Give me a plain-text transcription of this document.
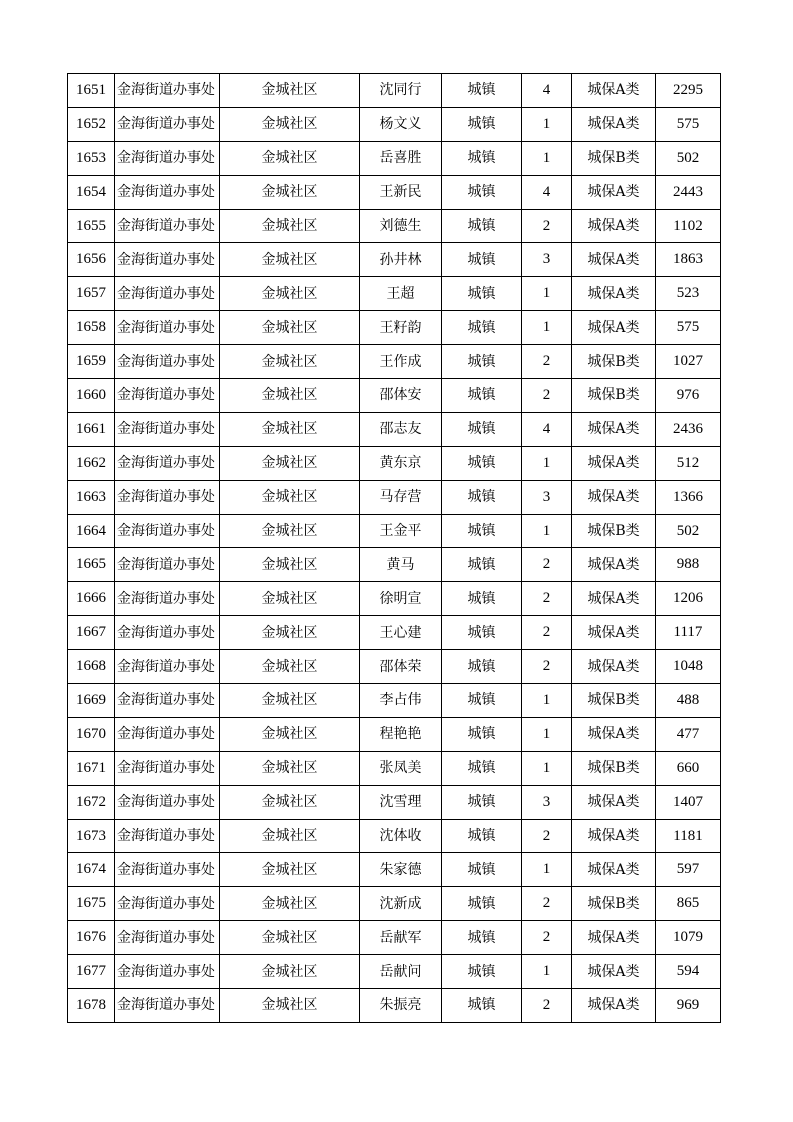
1651	金海街道办事处	金城社区	沈同行	城镇	4	城保A类	2295
1652	金海街道办事处	金城社区	杨文义	城镇	1	城保A类	575
1653	金海街道办事处	金城社区	岳喜胜	城镇	1	城保B类	502
1654	金海街道办事处	金城社区	王新民	城镇	4	城保A类	2443
1655	金海街道办事处	金城社区	刘德生	城镇	2	城保A类	1102
1656	金海街道办事处	金城社区	孙井林	城镇	3	城保A类	1863
1657	金海街道办事处	金城社区	王超	城镇	1	城保A类	523
1658	金海街道办事处	金城社区	王籽韵	城镇	1	城保A类	575
1659	金海街道办事处	金城社区	王作成	城镇	2	城保B类	1027
1660	金海街道办事处	金城社区	邵体安	城镇	2	城保B类	976
1661	金海街道办事处	金城社区	邵志友	城镇	4	城保A类	2436
1662	金海街道办事处	金城社区	黄东京	城镇	1	城保A类	512
1663	金海街道办事处	金城社区	马存营	城镇	3	城保A类	1366
1664	金海街道办事处	金城社区	王金平	城镇	1	城保B类	502
1665	金海街道办事处	金城社区	黄马	城镇	2	城保A类	988
1666	金海街道办事处	金城社区	徐明宣	城镇	2	城保A类	1206
1667	金海街道办事处	金城社区	王心建	城镇	2	城保A类	1117
1668	金海街道办事处	金城社区	邵体荣	城镇	2	城保A类	1048
1669	金海街道办事处	金城社区	李占伟	城镇	1	城保B类	488
1670	金海街道办事处	金城社区	程艳艳	城镇	1	城保A类	477
1671	金海街道办事处	金城社区	张凤美	城镇	1	城保B类	660
1672	金海街道办事处	金城社区	沈雪理	城镇	3	城保A类	1407
1673	金海街道办事处	金城社区	沈体收	城镇	2	城保A类	1181
1674	金海街道办事处	金城社区	朱家德	城镇	1	城保A类	597
1675	金海街道办事处	金城社区	沈新成	城镇	2	城保B类	865
1676	金海街道办事处	金城社区	岳献军	城镇	2	城保A类	1079
1677	金海街道办事处	金城社区	岳献问	城镇	1	城保A类	594
1678	金海街道办事处	金城社区	朱振亮	城镇	2	城保A类	969
